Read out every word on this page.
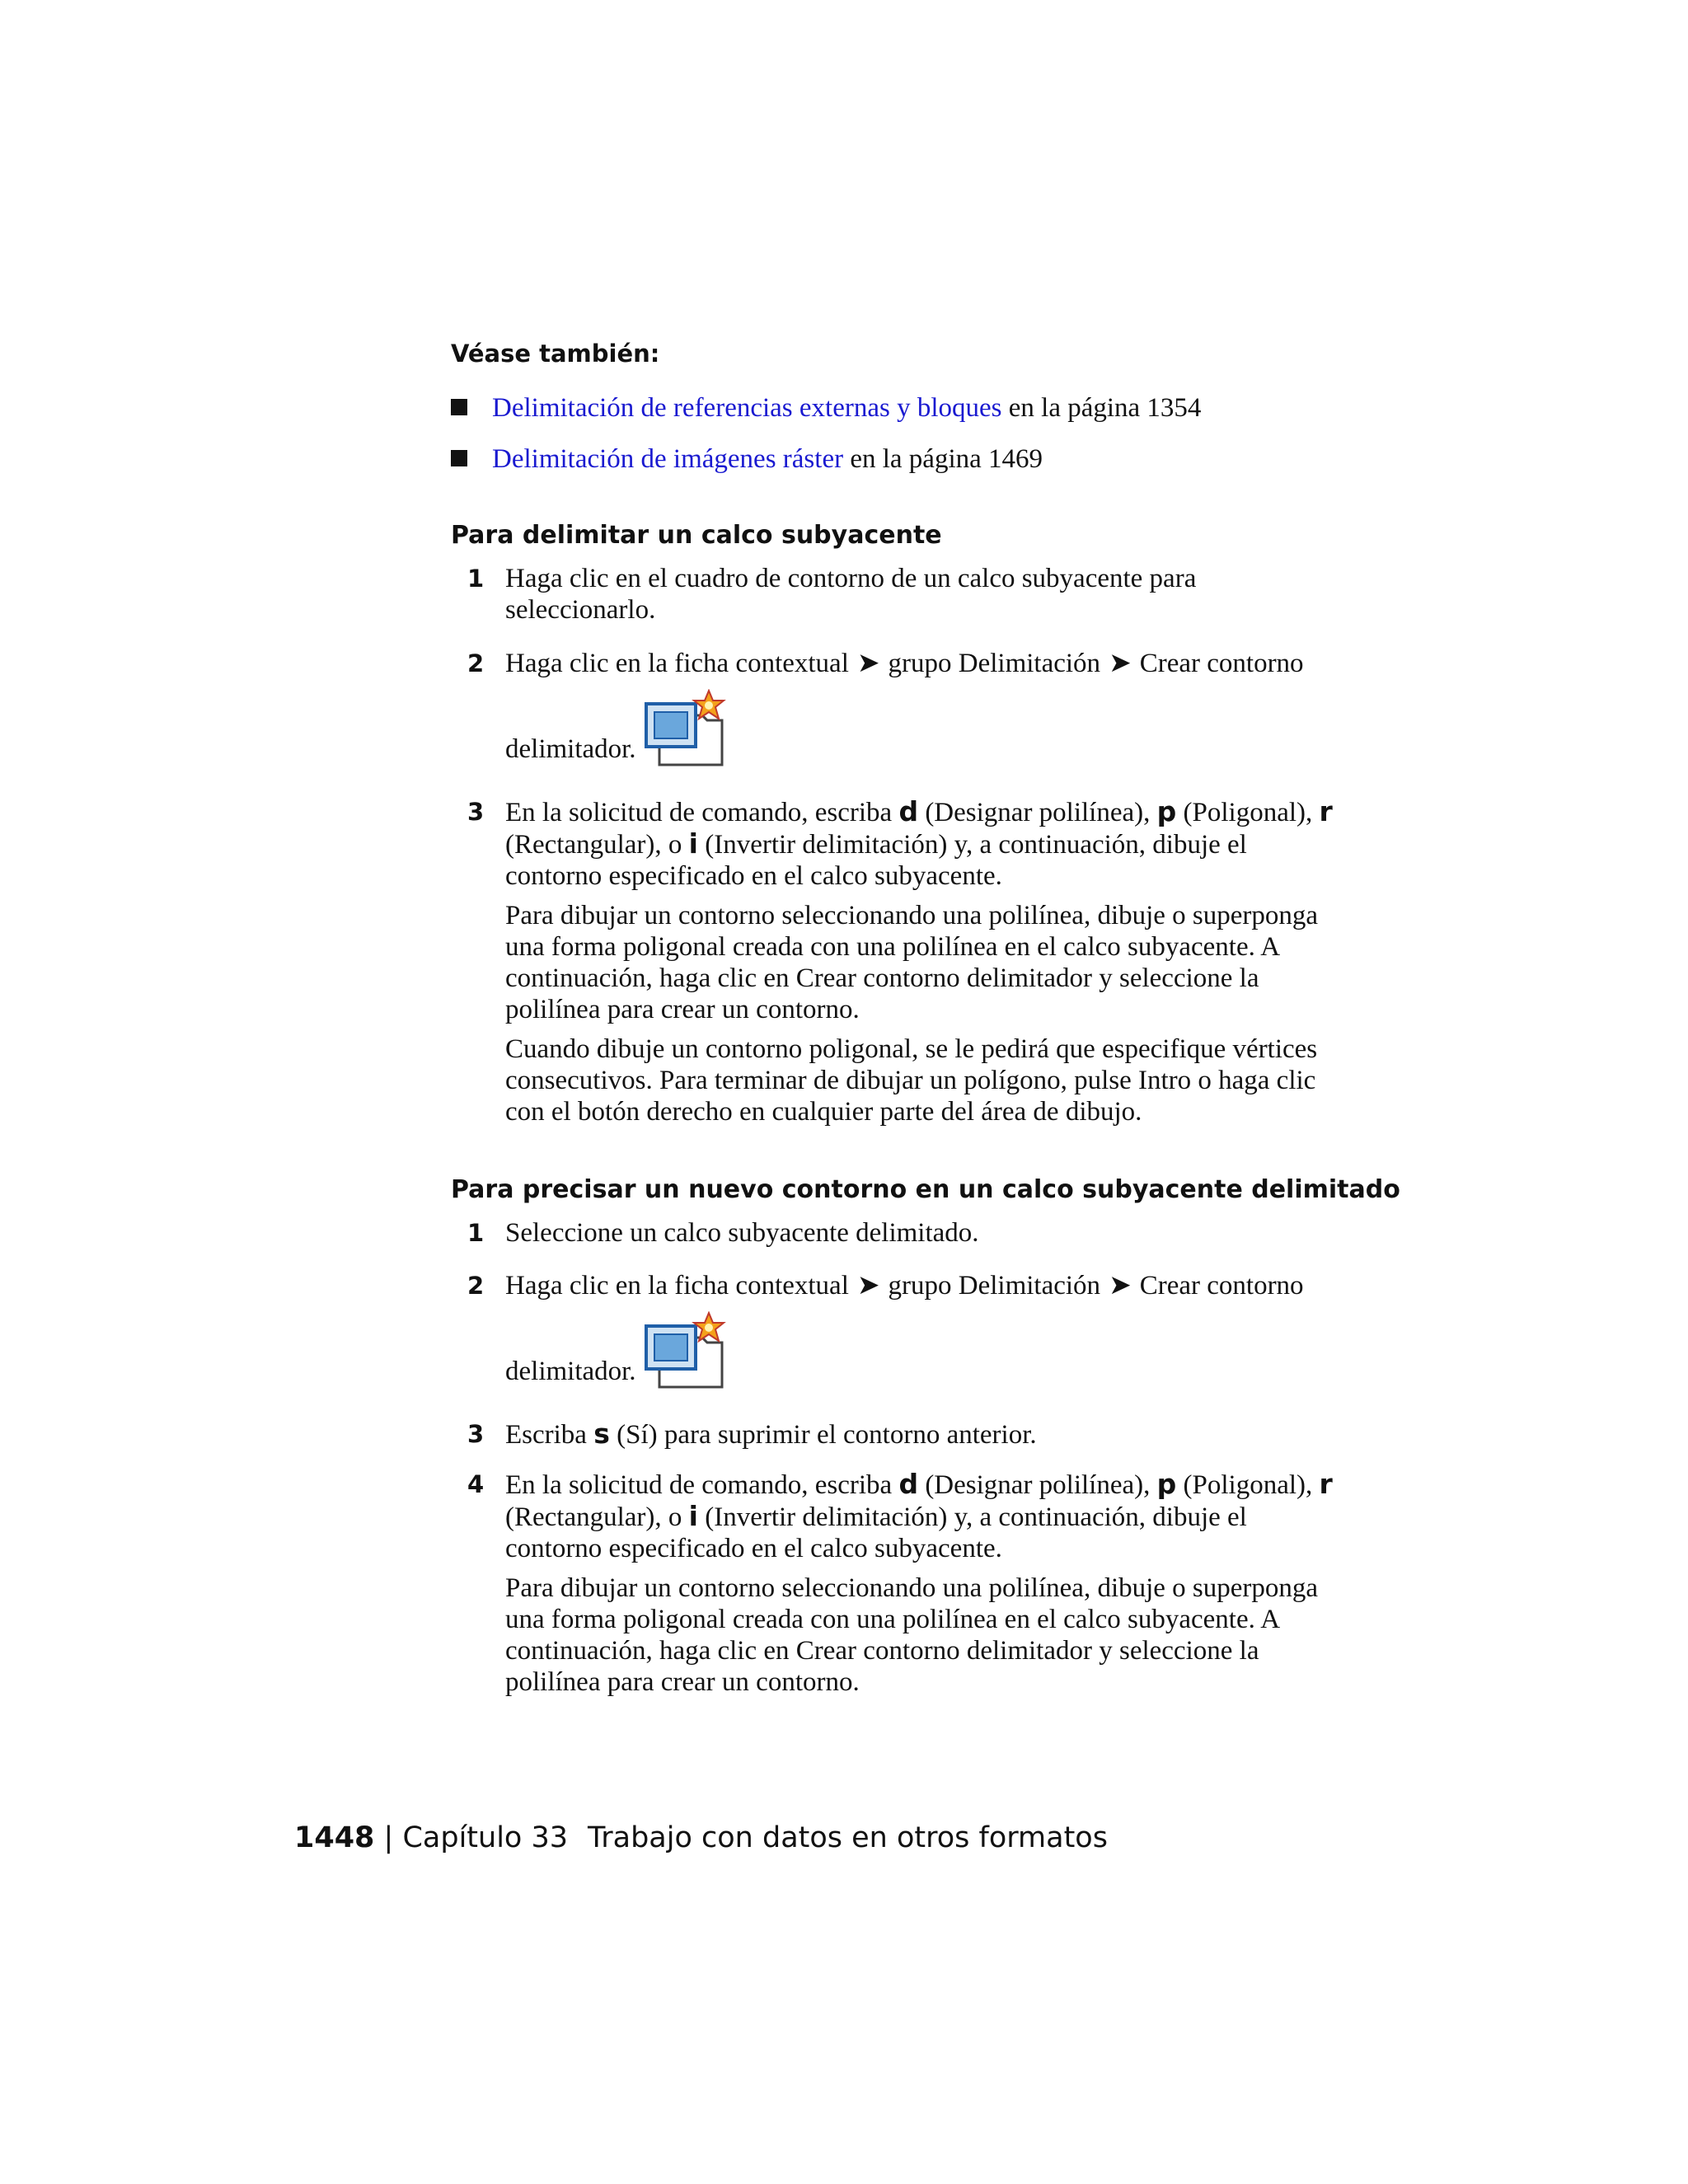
Véase también:
Delimitación de referencias externas y bloques en la página 1354
Delimitación de imágenes ráster en la página 1469
Para delimitar un calco subyacente
1 Haga clic en el cuadro de contorno de un calco subyacente para seleccionarlo.
2 Haga clic en la ficha contextual ➤ grupo Delimitación ➤ Crear contorno
delimitador.
3 En la solicitud de comando, escriba d (Designar polilínea), p (Poligonal), r (Rectangular), o i (Invertir delimitación) y, a continuación, dibuje el contorno especificado en el calco subyacente.

Para dibujar un contorno seleccionando una polilínea, dibuje o superponga una forma poligonal creada con una polilínea en el calco subyacente. A continuación, haga clic en Crear contorno delimitador y seleccione la polilínea para crear un contorno.

Cuando dibuje un contorno poligonal, se le pedirá que especifique vértices consecutivos. Para terminar de dibujar un polígono, pulse Intro o haga clic con el botón derecho en cualquier parte del área de dibujo.

Para precisar un nuevo contorno en un calco subyacente delimitado
1 Seleccione un calco subyacente delimitado.
2 Haga clic en la ficha contextual ➤ grupo Delimitación ➤ Crear contorno
delimitador.
3 Escriba s (Sí) para suprimir el contorno anterior.
4 En la solicitud de comando, escriba d (Designar polilínea), p (Poligonal), r (Rectangular), o i (Invertir delimitación) y, a continuación, dibuje el contorno especificado en el calco subyacente.

Para dibujar un contorno seleccionando una polilínea, dibuje o superponga una forma poligonal creada con una polilínea en el calco subyacente. A continuación, haga clic en Crear contorno delimitador y seleccione la polilínea para crear un contorno.

1448 | Capítulo 33 Trabajo con datos en otros formatos
